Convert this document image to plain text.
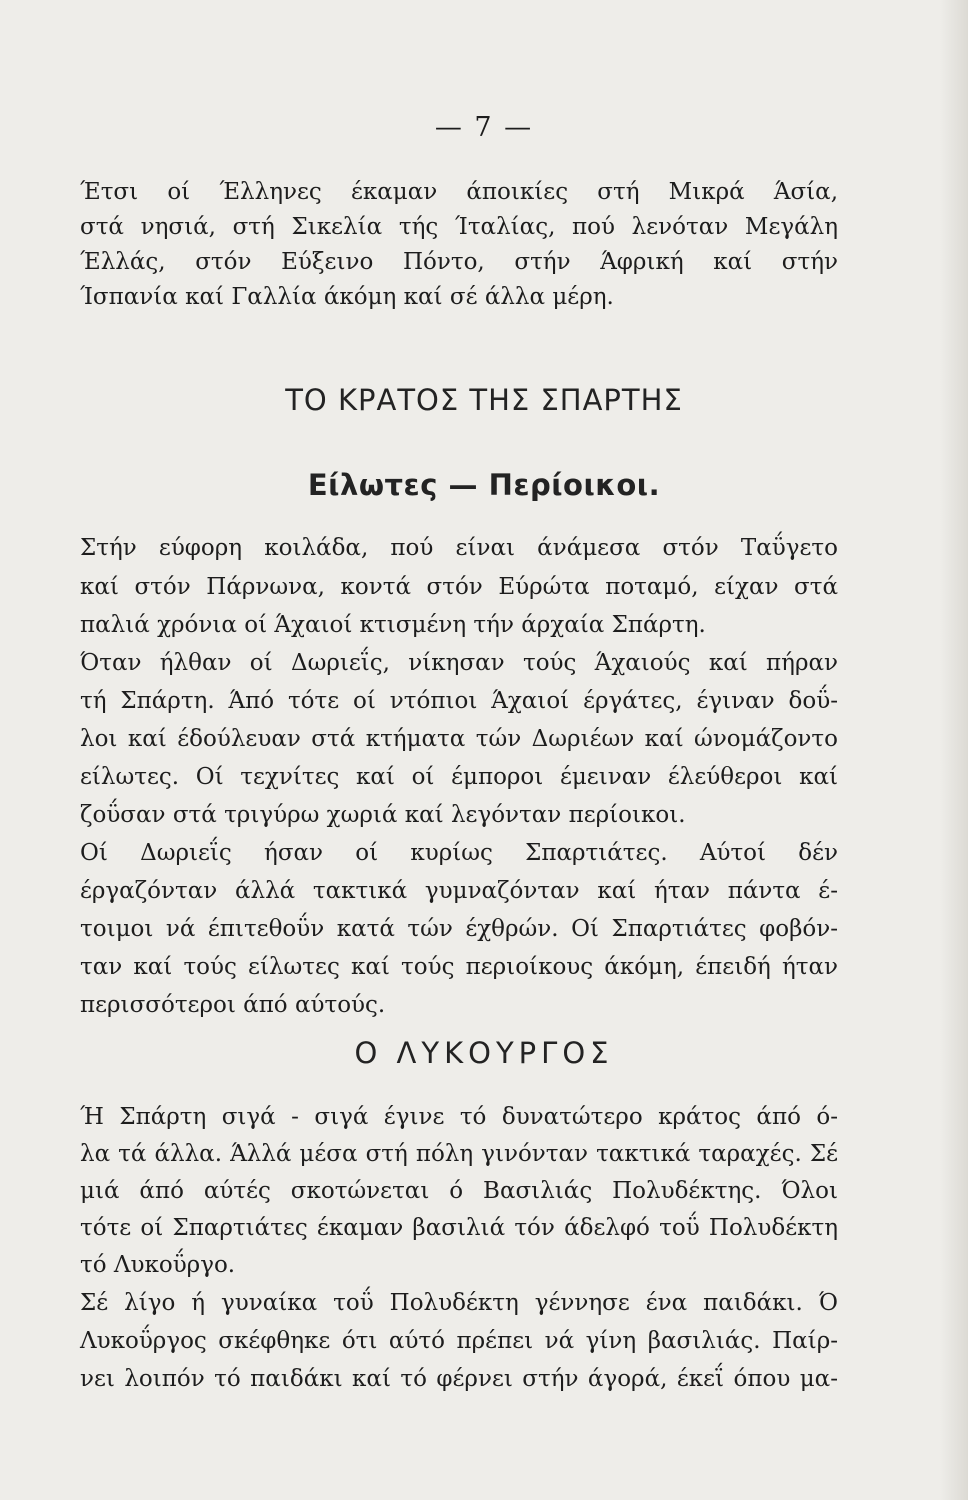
— 7 —
Έτσι οί Έλληνες έκαμαν άποικίες στή Μικρά Άσία,
στά νησιά, στή Σικελία τής Ίταλίας, πού λενόταν Μεγάλη
Έλλάς, στόν Εύξεινο Πόντο, στήν Άφρική καί στήν
Ίσπανία καί Γαλλία άκόμη καί σέ άλλα μέρη.
ΤΟ ΚΡΑΤΟΣ ΤΗΣ ΣΠΑΡΤΗΣ
Είλωτες — Περίοικοι.
Στήν εύφορη κοιλάδα, πού είναι άνάμεσα στόν Ταΰγετο
καί στόν Πάρνωνα, κοντά στόν Εύρώτα ποταμό, είχαν στά
παλιά χρόνια οί Άχαιοί κτισμένη τήν άρχαία Σπάρτη.
Όταν ήλθαν οί Δωριεΐς, νίκησαν τούς Άχαιούς καί πήραν
τή Σπάρτη. Άπό τότε οί ντόπιοι Άχαιοί έργάτες, έγιναν δοΰ-
λοι καί έδούλευαν στά κτήματα τών Δωριέων καί ώνομάζοντο
είλωτες. Οί τεχνίτες καί οί έμποροι έμειναν έλεύθεροι καί
ζοΰσαν στά τριγύρω χωριά καί λεγόνταν περίοικοι.
Οί Δωριεΐς ήσαν οί κυρίως Σπαρτιάτες. Αύτοί δέν
έργαζόνταν άλλά τακτικά γυμναζόνταν καί ήταν πάντα έ-
τοιμοι νά έπιτεθοΰν κατά τών έχθρών. Οί Σπαρτιάτες φοβόν-
ταν καί τούς είλωτες καί τούς περιοίκους άκόμη, έπειδή ήταν
περισσότεροι άπό αύτούς.
Ο ΛΥΚΟΥΡΓΟΣ
Ή Σπάρτη σιγά - σιγά έγινε τό δυνατώτερο κράτος άπό ό-
λα τά άλλα. Άλλά μέσα στή πόλη γινόνταν τακτικά ταραχές. Σέ
μιά άπό αύτές σκοτώνεται ό Βασιλιάς Πολυδέκτης. Όλοι
τότε οί Σπαρτιάτες έκαμαν βασιλιά τόν άδελφό τοΰ Πολυδέκτη
τό Λυκοΰργο.
Σέ λίγο ή γυναίκα τοΰ Πολυδέκτη γέννησε ένα παιδάκι. Ό
Λυκοΰργος σκέφθηκε ότι αύτό πρέπει νά γίνη βασιλιάς. Παίρ-
νει λοιπόν τό παιδάκι καί τό φέρνει στήν άγορά, έκεΐ όπου μα-
